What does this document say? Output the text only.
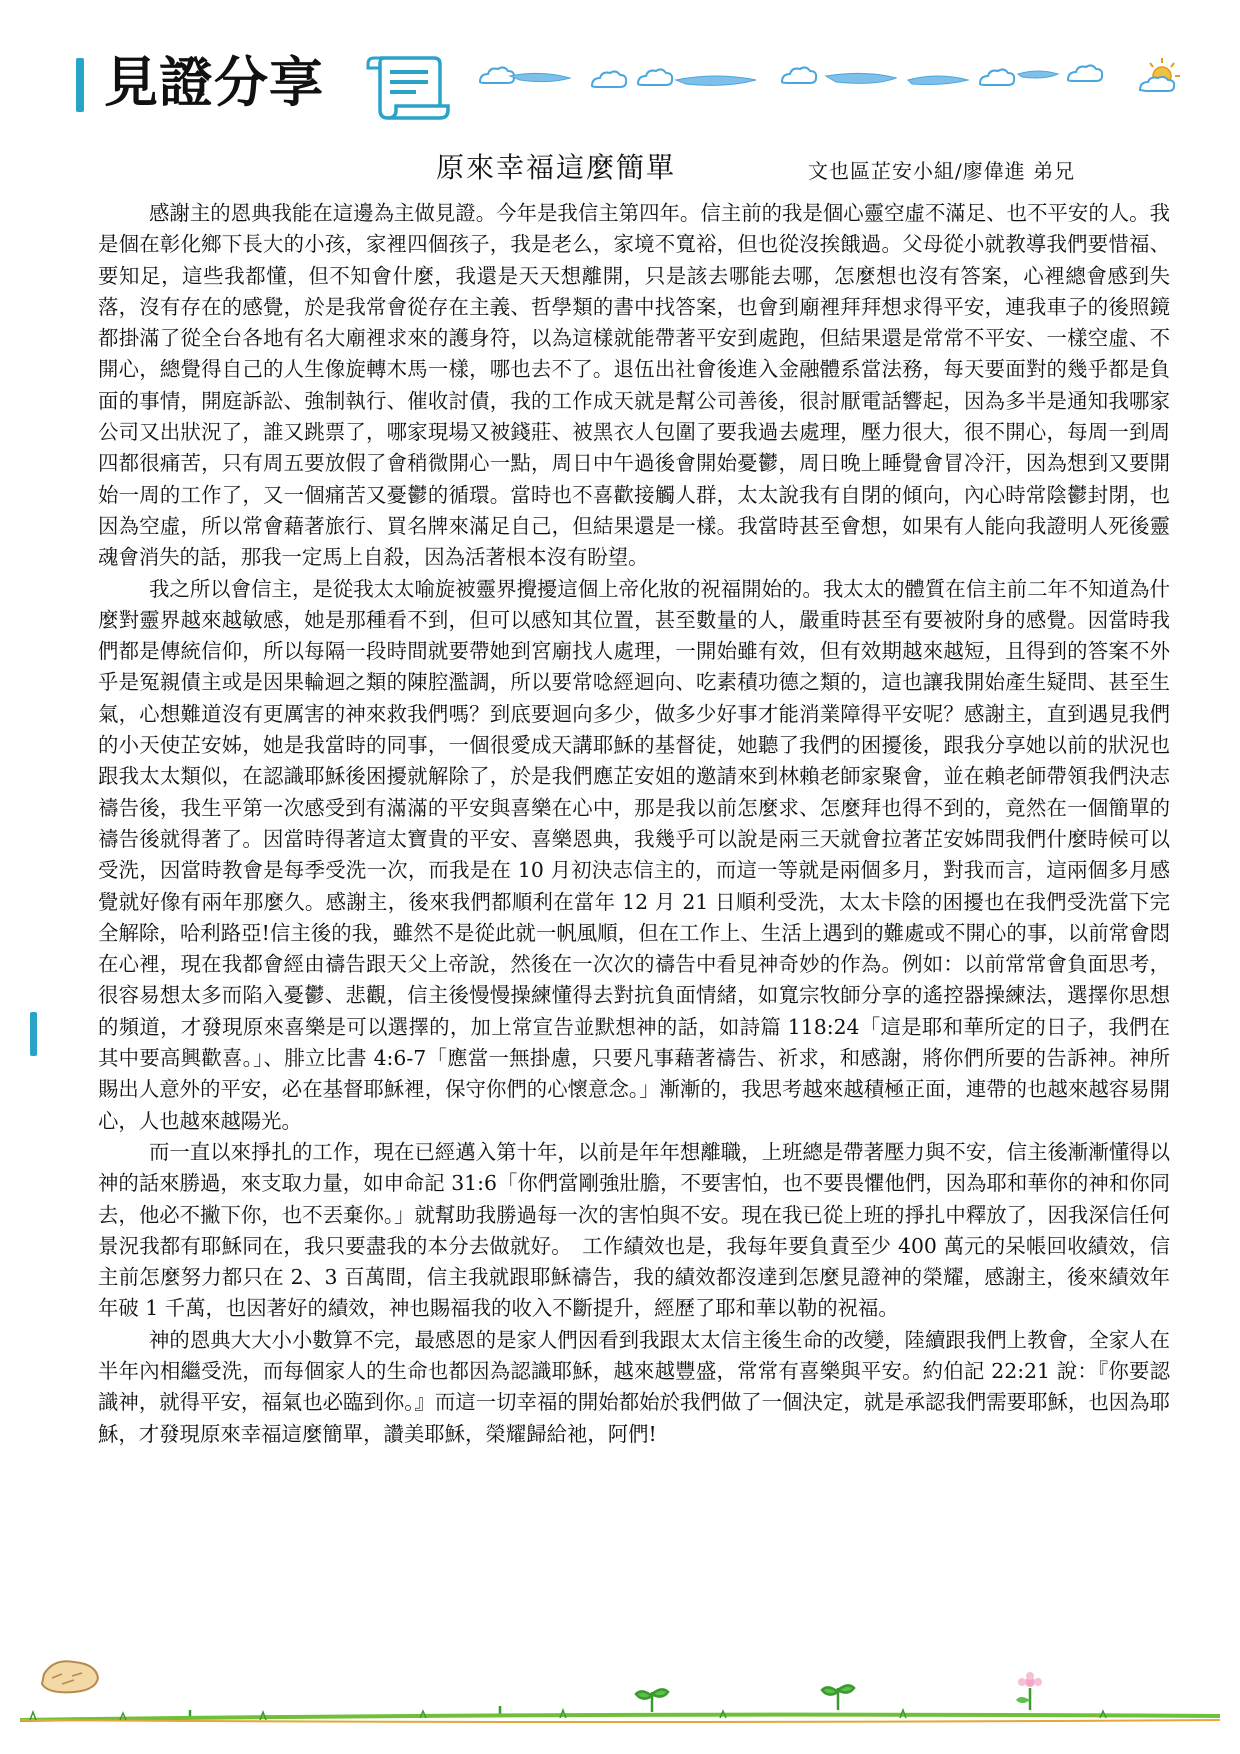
見證分享
原來幸福這麼簡單	文也區芷安小組/廖偉進 弟兄

感謝主的恩典我能在這邊為主做見證。今年是我信主第四年。信主前的我是個心靈空虛不滿足、也不平安的人。我是個在彰化鄉下長大的小孩，家裡四個孩子，我是老么，家境不寬裕，但也從沒挨餓過。父母從小就教導我們要惜福、要知足，這些我都懂，但不知會什麼，我還是天天想離開，只是該去哪能去哪，怎麼想也沒有答案，心裡總會感到失落，沒有存在的感覺，於是我常會從存在主義、哲學類的書中找答案，也會到廟裡拜拜想求得平安，連我車子的後照鏡都掛滿了從全台各地有名大廟裡求來的護身符，以為這樣就能帶著平安到處跑，但結果還是常常不平安、一樣空虛、不開心，總覺得自己的人生像旋轉木馬一樣，哪也去不了。退伍出社會後進入金融體系當法務，每天要面對的幾乎都是負面的事情，開庭訴訟、強制執行、催收討債，我的工作成天就是幫公司善後，很討厭電話響起，因為多半是通知我哪家公司又出狀況了，誰又跳票了，哪家現場又被錢莊、被黑衣人包圍了要我過去處理，壓力很大，很不開心，每周一到周四都很痛苦，只有周五要放假了會稍微開心一點，周日中午過後會開始憂鬱，周日晚上睡覺會冒冷汗，因為想到又要開始一周的工作了，又一個痛苦又憂鬱的循環。當時也不喜歡接觸人群，太太說我有自閉的傾向，內心時常陰鬱封閉，也因為空虛，所以常會藉著旅行、買名牌來滿足自己，但結果還是一樣。我當時甚至會想，如果有人能向我證明人死後靈魂會消失的話，那我一定馬上自殺，因為活著根本沒有盼望。

我之所以會信主，是從我太太喻旋被靈界攪擾這個上帝化妝的祝福開始的。我太太的體質在信主前二年不知道為什麼對靈界越來越敏感，她是那種看不到，但可以感知其位置，甚至數量的人，嚴重時甚至有要被附身的感覺。因當時我們都是傳統信仰，所以每隔一段時間就要帶她到宮廟找人處理，一開始雖有效，但有效期越來越短，且得到的答案不外乎是冤親債主或是因果輪迴之類的陳腔濫調，所以要常唸經迴向、吃素積功德之類的，這也讓我開始產生疑問、甚至生氣，心想難道沒有更厲害的神來救我們嗎？到底要迴向多少，做多少好事才能消業障得平安呢？感謝主，直到遇見我們的小天使芷安姊，她是我當時的同事，一個很愛成天講耶穌的基督徒，她聽了我們的困擾後，跟我分享她以前的狀況也跟我太太類似，在認識耶穌後困擾就解除了，於是我們應芷安姐的邀請來到林賴老師家聚會，並在賴老師帶領我們決志禱告後，我生平第一次感受到有滿滿的平安與喜樂在心中，那是我以前怎麼求、怎麼拜也得不到的，竟然在一個簡單的禱告後就得著了。因當時得著這太寶貴的平安、喜樂恩典，我幾乎可以說是兩三天就會拉著芷安姊問我們什麼時候可以受洗，因當時教會是每季受洗一次，而我是在 10 月初決志信主的，而這一等就是兩個多月，對我而言，這兩個多月感覺就好像有兩年那麼久。感謝主，後來我們都順利在當年 12 月 21 日順利受洗，太太卡陰的困擾也在我們受洗當下完全解除，哈利路亞!信主後的我，雖然不是從此就一帆風順，但在工作上、生活上遇到的難處或不開心的事，以前常會悶在心裡，現在我都會經由禱告跟天父上帝說，然後在一次次的禱告中看見神奇妙的作為。例如：以前常常會負面思考，很容易想太多而陷入憂鬱、悲觀，信主後慢慢操練懂得去對抗負面情緒，如寬宗牧師分享的遙控器操練法，選擇你思想的頻道，才發現原來喜樂是可以選擇的，加上常宣告並默想神的話，如詩篇 118:24「這是耶和華所定的日子，我們在其中要高興歡喜。」、腓立比書 4:6-7「應當一無掛慮，只要凡事藉著禱告、祈求，和感謝，將你們所要的告訴神。神所賜出人意外的平安，必在基督耶穌裡，保守你們的心懷意念。」漸漸的，我思考越來越積極正面，連帶的也越來越容易開心，人也越來越陽光。

而一直以來掙扎的工作，現在已經邁入第十年，以前是年年想離職，上班總是帶著壓力與不安，信主後漸漸懂得以神的話來勝過，來支取力量，如申命記 31:6「你們當剛強壯膽，不要害怕，也不要畏懼他們，因為耶和華你的神和你同去，他必不撇下你，也不丟棄你。」就幫助我勝過每一次的害怕與不安。現在我已從上班的掙扎中釋放了，因我深信任何景況我都有耶穌同在，我只要盡我的本分去做就好。　工作績效也是，我每年要負責至少 400 萬元的呆帳回收績效，信主前怎麼努力都只在 2、3 百萬間，信主我就跟耶穌禱告，我的績效都沒達到怎麼見證神的榮耀，感謝主，後來績效年年破 1 千萬，也因著好的績效，神也賜福我的收入不斷提升，經歷了耶和華以勒的祝福。

神的恩典大大小小數算不完，最感恩的是家人們因看到我跟太太信主後生命的改變，陸續跟我們上教會，全家人在半年內相繼受洗，而每個家人的生命也都因為認識耶穌，越來越豐盛，常常有喜樂與平安。約伯記 22:21 說：『你要認識神，就得平安，福氣也必臨到你。』而這一切幸福的開始都始於我們做了一個決定，就是承認我們需要耶穌，也因為耶穌，才發現原來幸福這麼簡單，讚美耶穌，榮耀歸給祂，阿們!
